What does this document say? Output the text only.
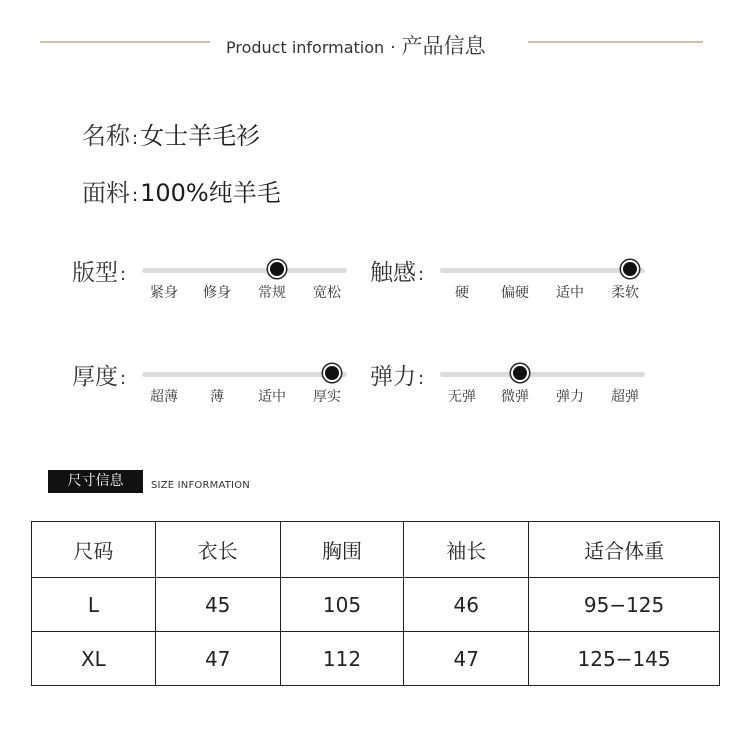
Product information · 产品信息
名称 :女士羊毛衫
面料 :100%纯羊毛
版型 :
紧身 修身 常规 宽松
触感 :
硬 偏硬 适中 柔软
厚度 :
超薄 薄 适中 厚实
弹力 :
无弹 微弹 弹力 超弹
尺寸信息	SIZE INFORMATION
尺码	衣长	胸围	袖长	适合体重
L	45	105	46	95−125
XL	47	112	47	125−145
